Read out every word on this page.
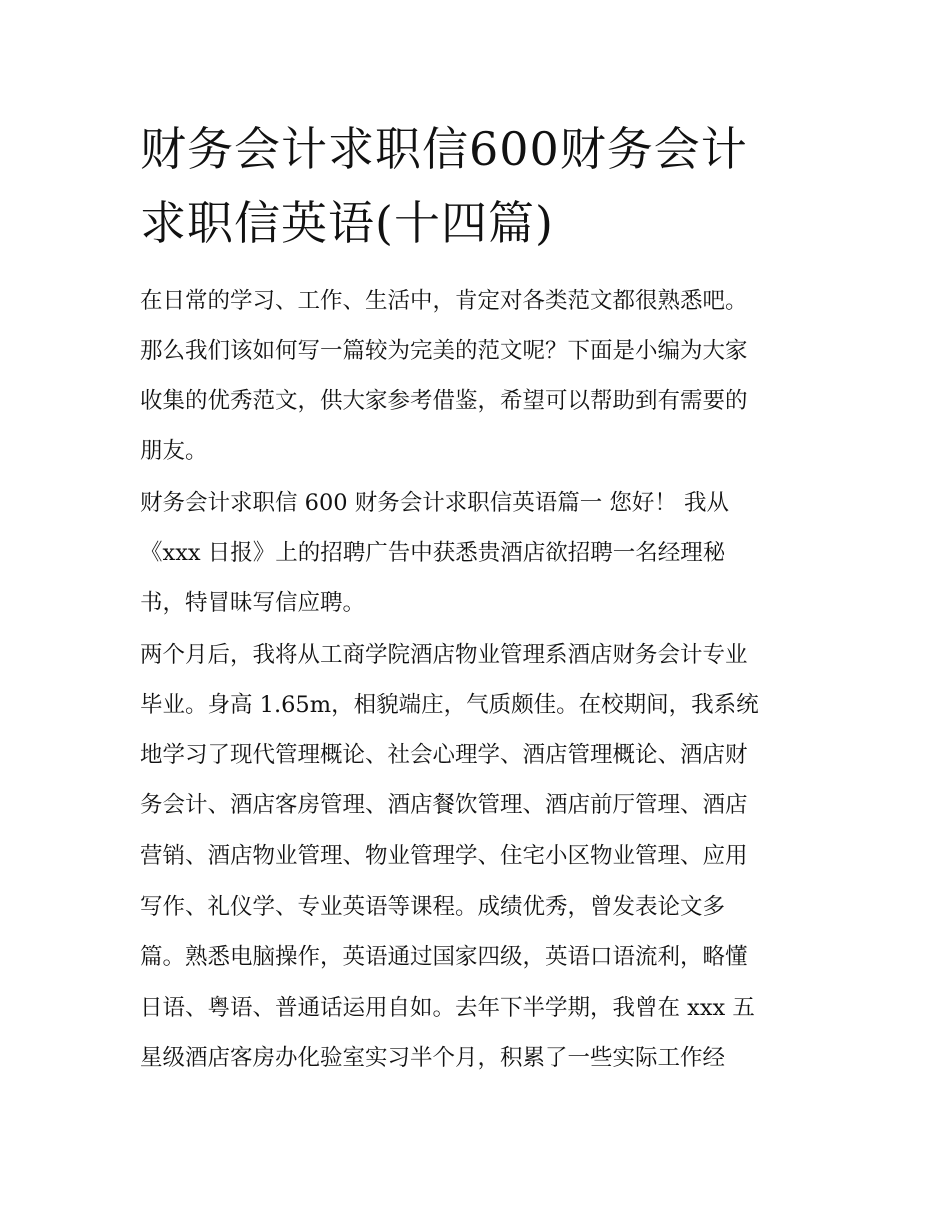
财务会计求职信600财务会计
求职信英语(十四篇)

在日常的学习、工作、生活中，肯定对各类范文都很熟悉吧。

那么我们该如何写一篇较为完美的范文呢？下面是小编为大家

收集的优秀范文，供大家参考借鉴，希望可以帮助到有需要的

朋友。

财务会计求职信 600 财务会计求职信英语篇一 您好！ 我从

《xxx 日报》上的招聘广告中获悉贵酒店欲招聘一名经理秘

书，特冒昧写信应聘。

两个月后，我将从工商学院酒店物业管理系酒店财务会计专业

毕业。身高 1.65m，相貌端庄，气质颇佳。在校期间，我系统

地学习了现代管理概论、社会心理学、酒店管理概论、酒店财

务会计、酒店客房管理、酒店餐饮管理、酒店前厅管理、酒店

营销、酒店物业管理、物业管理学、住宅小区物业管理、应用

写作、礼仪学、专业英语等课程。成绩优秀，曾发表论文多

篇。熟悉电脑操作，英语通过国家四级，英语口语流利，略懂

日语、粤语、普通话运用自如。去年下半学期，我曾在 xxx 五

星级酒店客房办化验室实习半个月，积累了一些实际工作经
